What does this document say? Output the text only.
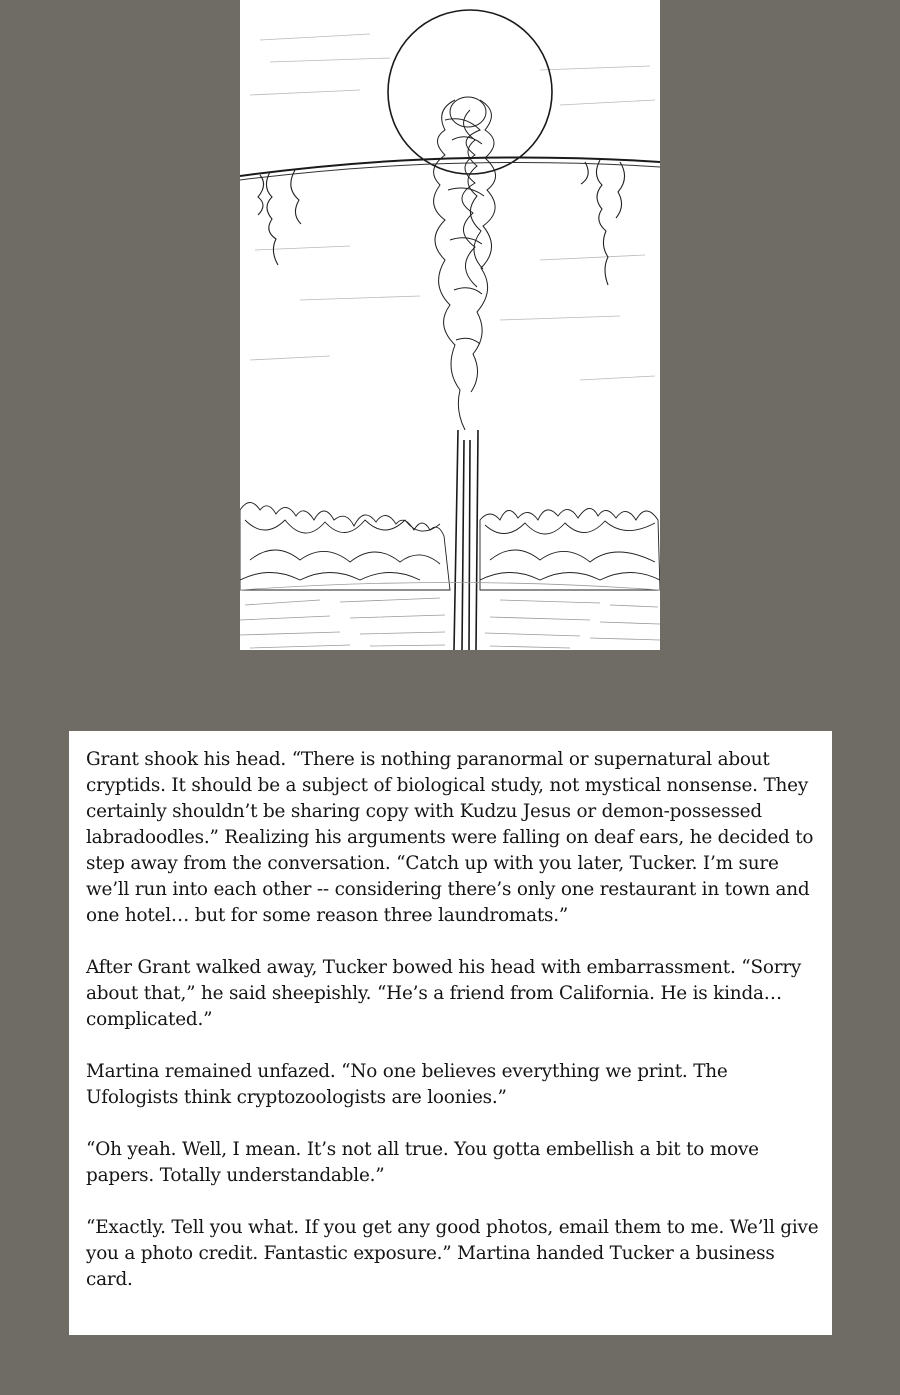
Grant shook his head. “There is nothing paranormal or supernatural about cryptids. It should be a subject of biological study, not mystical nonsense. They certainly shouldn’t be sharing copy with Kudzu Jesus or demon-possessed labradoodles.” Realizing his arguments were falling on deaf ears, he decided to step away from the conversation. “Catch up with you later, Tucker. I’m sure we’ll run into each other -- considering there’s only one restaurant in town and one hotel… but for some reason three laundromats.”

After Grant walked away, Tucker bowed his head with embarrassment. “Sorry about that,” he said sheepishly. “He’s a friend from California. He is kinda… complicated.”

Martina remained unfazed. “No one believes everything we print. The Ufologists think cryptozoologists are loonies.”

“Oh yeah. Well, I mean. It’s not all true. You gotta embellish a bit to move papers. Totally understandable.”

“Exactly. Tell you what. If you get any good photos, email them to me. We’ll give you a photo credit. Fantastic exposure.” Martina handed Tucker a business card.
